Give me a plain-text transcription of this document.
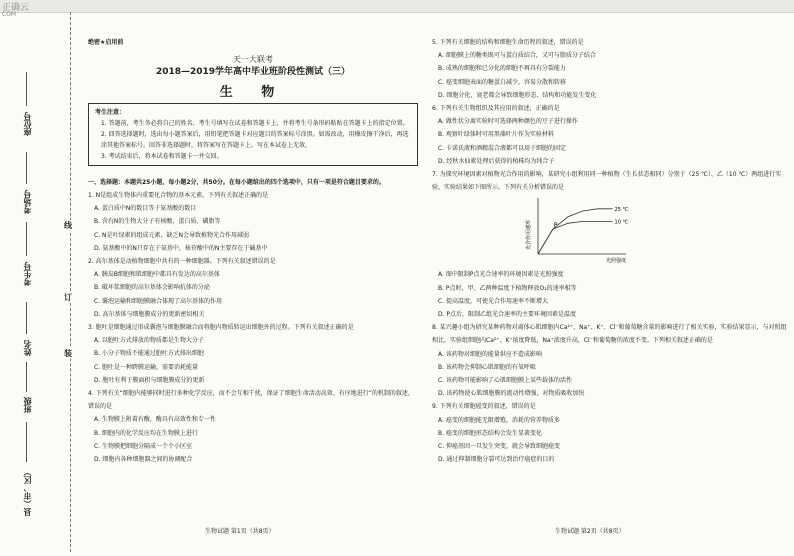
正确云
COM
座位号
考场号
考生号
姓名
班级
县（市、区）
线
订
装
绝密★启用前
天一大联考
2018—2019学年高中毕业班阶段性测试（三）
生 物
考生注意：

1. 答题前，考生务必将自己的姓名、考生号填写在试卷和答题卡上，并将考生号条形码粘贴在答题卡上的指定位置。

2. 回答选择题时，选出每小题答案后，用铅笔把答题卡对应题目的答案标号涂黑。如需改动，用橡皮擦干净后，再选涂其他答案标号。回答非选择题时，将答案写在答题卡上。写在本试卷上无效。

3. 考试结束后，将本试卷和答题卡一并交回。

一、选择题：本题共25小题，每小题2分，共50分。在每小题给出的四个选项中，只有一项是符合题目要求的。

1. N是组成生物体内重要化合物的基本元素。下列有关叙述正确的是

A. 蛋白质中N的数目等于氨基酸的数目

B. 含有N的生物大分子有核酸、蛋白质、磷脂等

C. N是叶绿素的组成元素，缺乏N会导致植物光合作用减弱

D. 氨基酸中的N只存在于氨基中，核苷酸中的N主要存在于碱基中

2. 高尔基体是动植物细胞中共有的一种细胞器。下列有关叙述错误的是

A. 胰岛B细胞和肌细胞中都具有发达的高尔基体

B. 破坏浆细胞的高尔基体会影响抗体的分泌

C. 囊泡运输和细胞膜融合体现了高尔基体的作用

D. 高尔基体与细胞膜成分的更新密切相关

3. 胞吐是细胞通过形成囊泡与细胞膜融合而将胞内物质转运出细胞外的过程。下列有关叙述正确的是

A. 以胞吐方式排放的物质都是生物大分子

B. 小分子物质不能通过胞吐方式排出细胞

C. 胞吐是一种跨膜运输，需要消耗能量

D. 胞吐有利于膜面积与细胞膜成分的更新

4. 下列有关“细胞内能够同时进行多种化学反应，而不会互相干扰，保证了细胞生命活动高效、有序地进行”的机制的叙述，错误的是

A. 生物膜上附着有酶，酶具有高效性和专一性

B. 细胞内的化学反应均在生物膜上进行

C. 生物膜把细胞分隔成一个个小区室

D. 细胞内各种细胞器之间的协调配合

5. 下列有关细胞的结构和细胞生命历程的叙述，错误的是

A. 细胞膜上的糖类既可与蛋白质结合，又可与脂质分子结合

B. 成熟的细胞和已分化的细胞不再具有分裂能力

C. 癌变细胞表面的糖蛋白减少，容易分散和转移

D. 细胞分化、衰老都会导致细胞形态、结构和功能发生变化

6. 下列有关生物组织及其应用的叙述，正确的是

A. 做性状分离实验时可选择两种颜色的豆子进行操作

B. 观察叶绿体时可用黑藻叶片作为实验材料

C. 卡诺氏液和酒精混合液都可以用于细胞的固定

D. 经秋水仙素处理后获得的植株均为纯合子

7. 为探究环境因素对植物光合作用的影响，某研究小组利用同一种植物（生长状态相同）分别于（25 ℃）、乙（10 ℃）两组进行实验，实验结果如下图所示。下列有关分析错误的是

光合作用速率
光照强度
25 ℃
10 ℃
P

A. 图中限制P点光合速率的环境因素是光照强度

B. P点时，甲、乙两种温度下植物释放O₂的速率相等

C. 提高温度，可使光合作用速率不断增大

D. P点后，限制乙组光合速率的主要环境因素是温度

8. 某兴趣小组为研究某种药物对离体心肌细胞内Ca²⁺、Na⁺、K⁺、Cl⁻和葡萄糖含量的影响进行了相关实验，实验结果显示，与对照组相比，实验组细胞内Ca²⁺、K⁺浓度降低，Na⁺浓度升高，Cl⁻和葡萄糖的浓度不变。下列相关叙述正确的是

A. 该药物对细胞的能量供应不造成影响

B. 该药物会抑制心肌细胞的有氧呼吸

C. 该药物可能影响了心肌细胞膜上某些载体的活性

D. 该药物使心肌细胞膜的流动性增强，对物质吸收加快

9. 下列有关细胞癌变的叙述，错误的是

A. 癌变的细胞能无限增殖，消耗的营养物质多

B. 癌变的细胞形态结构会发生显著变化

C. 抑癌基因一旦发生突变，就会导致细胞癌变

D. 通过抑制细胞分裂可达到治疗癌症的目的

生物试题 第1页（共8页）	生物试题 第2页（共8页）
